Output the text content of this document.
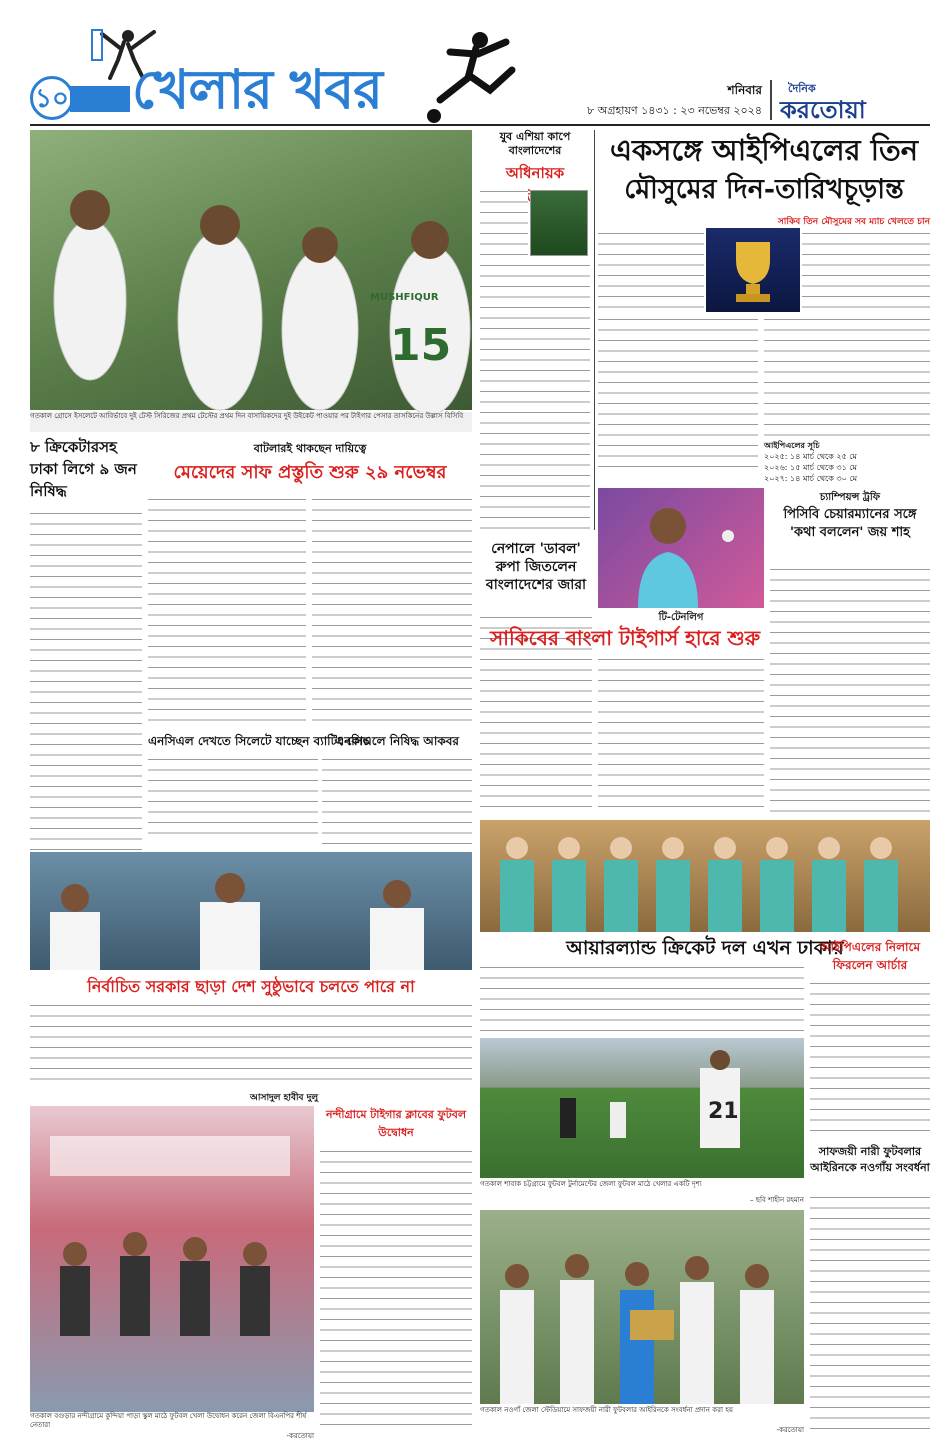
১০ খেলার খবর	শনিবার
৮ অগ্রহায়ণ ১৪৩১ : ২৩ নভেম্বর ২০২৪
দৈনিক
করতোয়া
15
MUSHFIQUR
গতকাল গ্রোসে ইসলেটে আবির্ভাবে দুই টেস্ট সিরিজের প্রথম টেস্টের প্রথম দিন বাসায়িকদের দুই উইকেট পাওয়ার পর টাইগার পেসার তাসকিনের উল্লাস বিসিবি
যুব এশিয়া কাপে বাংলাদেশের
অধিনায়ক
একসঙ্গে আইপিএলের তিন
মৌসুমের দিন-তারিখচূড়ান্ত
সাকিব তিন মৌসুমের সব ম্যাচ খেলতে চান
আইপিএলের সূচি
২০২৫: ১৪ মার্চ থেকে ২৫ মে
২০২৬: ১৫ মার্চ থেকে ৩১ মে
২০২৭: ১৪ মার্চ থেকে ৩০ মে
নেপালে 'ডাবল' রুপা জিতলেন বাংলাদেশের জারা
চ্যাম্পিয়ন্স ট্রফি
পিসিবি চেয়ারম্যানের সঙ্গে 'কথা বললেন' জয় শাহ
টি-টেনলিগ
সাকিবের বাংলা টাইগার্স হারে শুরু
৮ ক্রিকেটারসহ ঢাকা লিগে ৯ জন নিষিদ্ধ
বাটলারই থাকছেন দায়িত্বে
মেয়েদের সাফ প্রস্তুতি শুরু ২৯ নভেম্বর
এনসিএল দেখতে সিলেটে যাচ্ছেন ব্যাটিং কোচ
এনসিএলে নিষিদ্ধ আকবর
আয়ারল্যান্ড ক্রিকেট দল এখন ঢাকায়
21
গতকাল শাবাক চট্টগ্রামে ফুটবল টুর্নামেন্টের জেলা ফুটবল মাঠে খেলার একটি দৃশ্য
– ছবি শাহীন রহমান
আইপিএলের নিলামে ফিরলেন আর্চার
সাফজয়ী নারী ফুটবলার আইরিনকে নওগাঁয় সংবর্ধনা
নির্বাচিত সরকার ছাড়া দেশ সুষ্ঠুভাবে চলতে পারে না
আসাদুল হাবীব দুলু
নন্দীগ্রামে টাইগার ক্লাবের ফুটবল উদ্বোধন
গতকাল বগুড়ার নন্দীগ্রামে কুন্দিয়া পাড়া স্কুল মাঠে ফুটবল খেলা উদ্বোধন করেন জেলা বিএনপির শীর্ষ নেতারা
-করতোয়া
গতকাল নওগাঁ জেলা স্টেডিয়ামে সাফজয়ী নারী ফুটবলার আইরিনকে সংবর্ধনা প্রদান করা হয়
-করতোয়া
